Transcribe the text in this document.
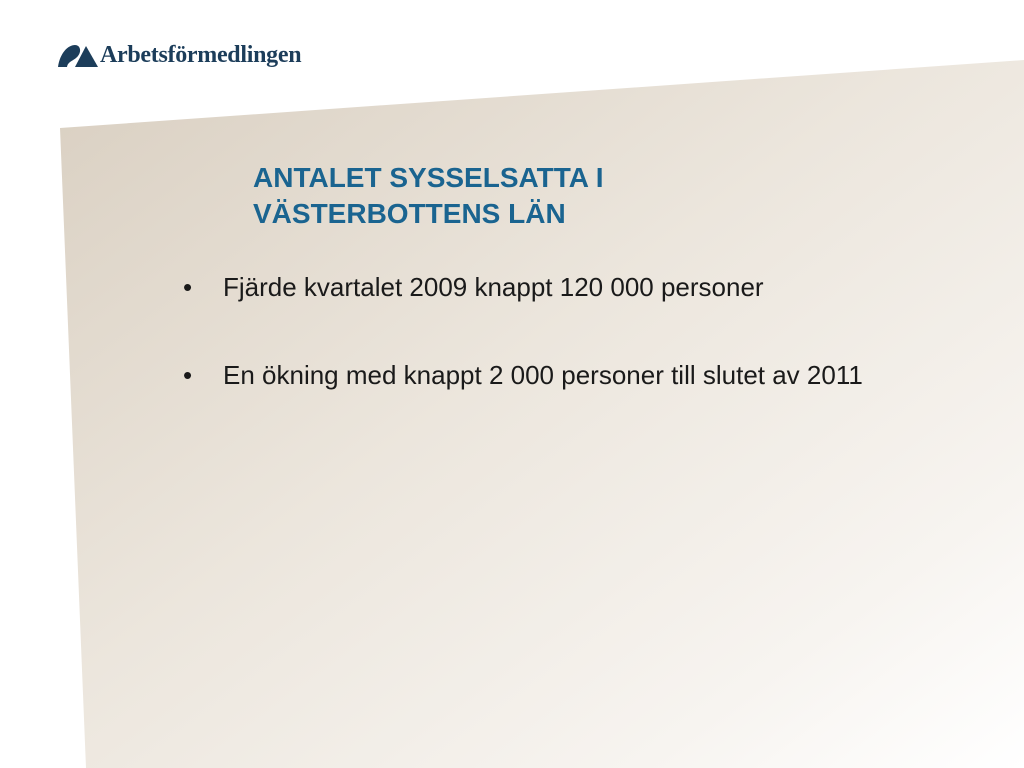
Arbetsförmedlingen
ANTALET SYSSELSATTA I VÄSTERBOTTENS LÄN
•	Fjärde kvartalet 2009 knappt 120 000 personer
•	En ökning med knappt 2 000 personer till slutet av 2011
